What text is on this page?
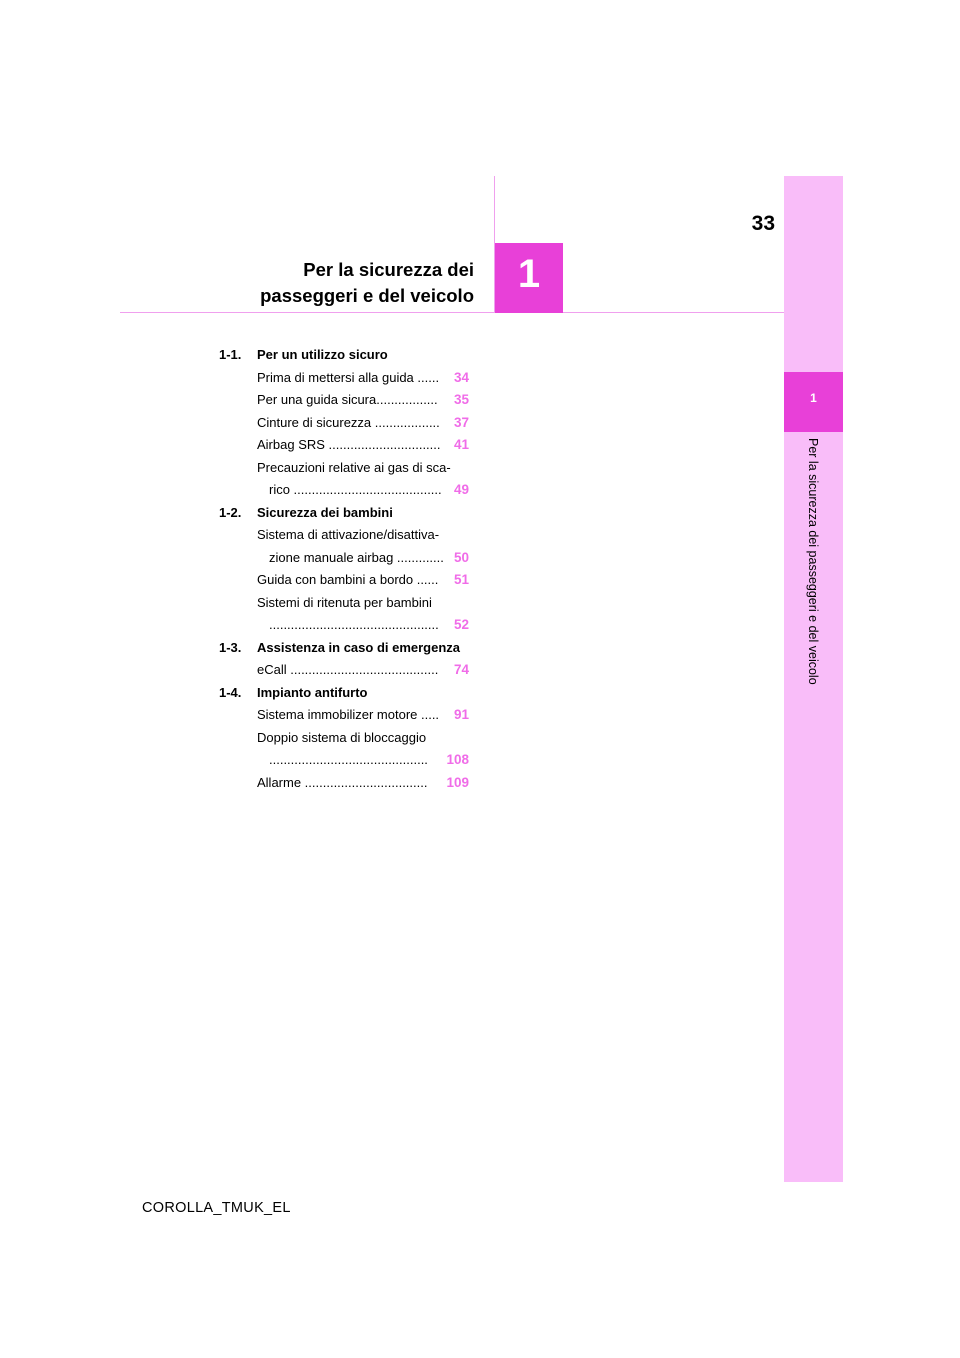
1
Per la sicurezza dei passeggeri e del veicolo
33
1
Per la sicurezza dei
passeggeri e del veicolo
1-1. Per un utilizzo sicuro
Prima di mettersi alla guida ...... 34
Per una guida sicura................. 35
Cinture di sicurezza .................. 37
Airbag SRS ............................... 41
Precauzioni relative ai gas di sca-
rico ......................................... 49
1-2. Sicurezza dei bambini
Sistema di attivazione/disattiva-
zione manuale airbag ............. 50
Guida con bambini a bordo ...... 51
Sistemi di ritenuta per bambini
............................................... 52
1-3. Assistenza in caso di emergenza
eCall ......................................... 74
1-4. Impianto antifurto
Sistema immobilizer motore ..... 91
Doppio sistema di bloccaggio
............................................ 108
Allarme .................................. 109
COROLLA_TMUK_EL
